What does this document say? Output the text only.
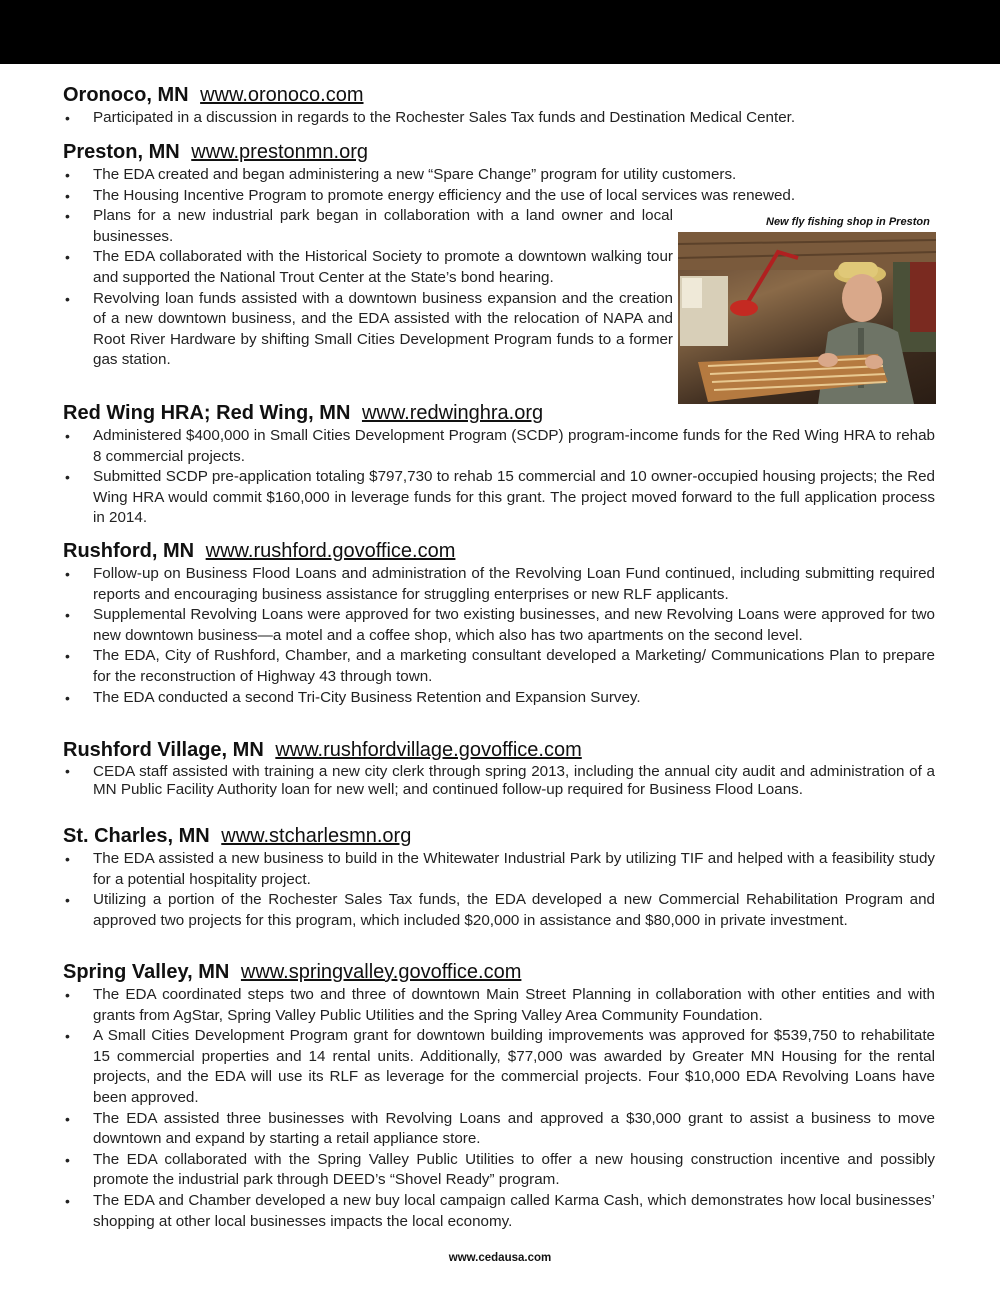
Oronoco, MN www.oronoco.com
• Participated in a discussion in regards to the Rochester Sales Tax funds and Destination Medical Center.
Preston, MN www.prestonmn.org
• The EDA created and began administering a new “Spare Change” program for utility customers.
• The Housing Incentive Program to promote energy efficiency and the use of local services was renewed.
• Plans for a new industrial park began in collaboration with a land owner and local businesses.
• The EDA collaborated with the Historical Society to promote a downtown walking tour and supported the National Trout Center at the State’s bond hearing.
• Revolving loan funds assisted with a downtown business expansion and the creation of a new downtown business, and the EDA assisted with the relocation of NAPA and Root River Hardware by shifting Small Cities Development Program funds to a former gas station.
Red Wing HRA; Red Wing, MN www.redwinghra.org
• Administered $400,000 in Small Cities Development Program (SCDP) program-income funds for the Red Wing HRA to rehab 8 commercial projects.
• Submitted SCDP pre-application totaling $797,730 to rehab 15 commercial and 10 owner-occupied housing projects; the Red Wing HRA would commit $160,000 in leverage funds for this grant. The project moved forward to the full application process in 2014.
Rushford, MN www.rushford.govoffice.com
• Follow-up on Business Flood Loans and administration of the Revolving Loan Fund continued, including submitting required reports and encouraging business assistance for struggling enterprises or new RLF applicants.
• Supplemental Revolving Loans were approved for two existing businesses, and new Revolving Loans were approved for two new downtown business—a motel and a coffee shop, which also has two apartments on the second level.
• The EDA, City of Rushford, Chamber, and a marketing consultant developed a Marketing/ Communications Plan to prepare for the reconstruction of Highway 43 through town.
• The EDA conducted a second Tri-City Business Retention and Expansion Survey.
Rushford Village, MN www.rushfordvillage.govoffice.com
• CEDA staff assisted with training a new city clerk through spring 2013, including the annual city audit and administration of a MN Public Facility Authority loan for new well; and continued follow-up required for Business Flood Loans.
St. Charles, MN www.stcharlesmn.org
• The EDA assisted a new business to build in the Whitewater Industrial Park by utilizing TIF and helped with a feasibility study for a potential hospitality project.
• Utilizing a portion of the Rochester Sales Tax funds, the EDA developed a new Commercial Rehabilitation Program and approved two projects for this program, which included $20,000 in assistance and $80,000 in private investment.
Spring Valley, MN www.springvalley.govoffice.com
• The EDA coordinated steps two and three of downtown Main Street Planning in collaboration with other entities and with grants from AgStar, Spring Valley Public Utilities and the Spring Valley Area Community Foundation.
• A Small Cities Development Program grant for downtown building improvements was approved for $539,750 to rehabilitate 15 commercial properties and 14 rental units. Additionally, $77,000 was awarded by Greater MN Housing for the rental projects, and the EDA will use its RLF as leverage for the commercial projects. Four $10,000 EDA Revolving Loans have been approved.
• The EDA assisted three businesses with Revolving Loans and approved a $30,000 grant to assist a business to move downtown and expand by starting a retail appliance store.
• The EDA collaborated with the Spring Valley Public Utilities to offer a new housing construction incentive and possibly promote the industrial park through DEED’s “Shovel Ready” program.
• The EDA and Chamber developed a new buy local campaign called Karma Cash, which demonstrates how local businesses’ shopping at other local businesses impacts the local economy.
New fly fishing shop in Preston
www.cedausa.com
